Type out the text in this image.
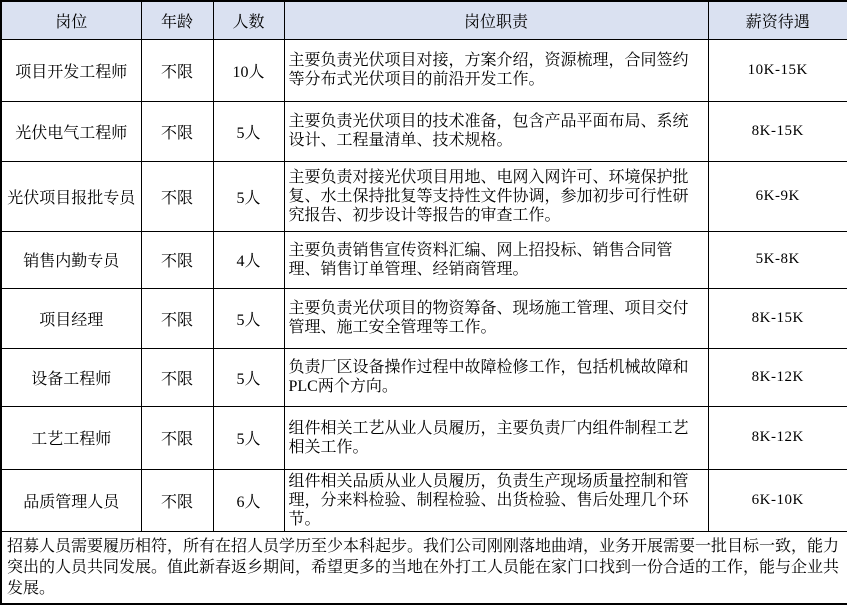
岗位	年龄	人数	岗位职责	薪资待遇
项目开发工程师	不限	10人	主要负责光伏项目对接，方案介绍，资源梳理，合同签约等分布式光伏项目的前沿开发工作。	10K-15K
光伏电气工程师	不限	5人	主要负责光伏项目的技术准备，包含产品平面布局、系统设计、工程量清单、技术规格。	8K-15K
光伏项目报批专员	不限	5人	主要负责对接光伏项目用地、电网入网许可、环境保护批复、水土保持批复等支持性文件协调，参加初步可行性研究报告、初步设计等报告的审查工作。	6K-9K
销售内勤专员	不限	4人	主要负责销售宣传资料汇编、网上招投标、销售合同管理、销售订单管理、经销商管理。	5K-8K
项目经理	不限	5人	主要负责光伏项目的物资筹备、现场施工管理、项目交付管理、施工安全管理等工作。	8K-15K
设备工程师	不限	5人	负责厂区设备操作过程中故障检修工作，包括机械故障和PLC两个方向。	8K-12K
工艺工程师	不限	5人	组件相关工艺从业人员履历，主要负责厂内组件制程工艺相关工作。	8K-12K
品质管理人员	不限	6人	组件相关品质从业人员履历，负责生产现场质量控制和管理，分来料检验、制程检验、出货检验、售后处理几个环节。	6K-10K
招募人员需要履历相符，所有在招人员学历至少本科起步。我们公司刚刚落地曲靖，业务开展需要一批目标一致，能力突出的人员共同发展。值此新春返乡期间，希望更多的当地在外打工人员能在家门口找到一份合适的工作，能与企业共发展。				
